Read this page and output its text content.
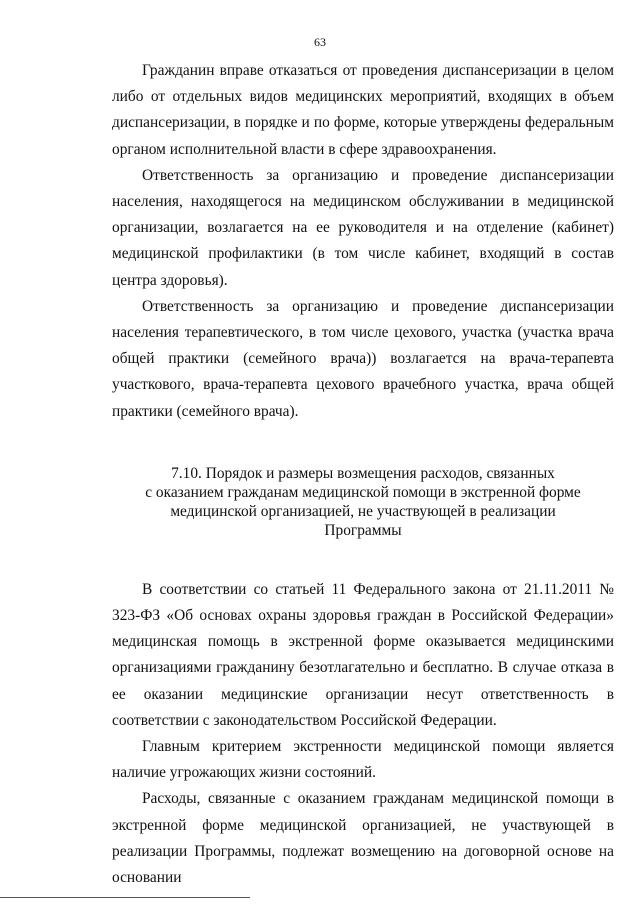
63

Гражданин вправе отказаться от проведения диспансеризации в целом либо от отдельных видов медицинских мероприятий, входящих в объем диспансеризации, в порядке и по форме, которые утверждены федеральным органом исполнительной власти в сфере здравоохранения.

Ответственность за организацию и проведение диспансеризации населения, находящегося на медицинском обслуживании в медицинской организации, возлагается на ее руководителя и на отделение (кабинет) медицинской профилактики (в том числе кабинет, входящий в состав центра здоровья).

Ответственность за организацию и проведение диспансеризации населения терапевтического, в том числе цехового, участка (участка врача общей практики (семейного врача)) возлагается на врача-терапевта участкового, врача-терапевта цехового врачебного участка, врача общей практики (семейного врача).

7.10. Порядок и размеры возмещения расходов, связанных
с оказанием гражданам медицинской помощи в экстренной форме
медицинской организацией, не участвующей в реализации
Программы

В соответствии со статьей 11 Федерального закона от 21.11.2011 № 323-ФЗ «Об основах охраны здоровья граждан в Российской Федерации» медицинская помощь в экстренной форме оказывается медицинскими организациями гражданину безотлагательно и бесплатно. В случае отказа в ее оказании медицинские организации несут ответственность в соответствии с законодательством Российской Федерации.

Главным критерием экстренности медицинской помощи является наличие угрожающих жизни состояний.

Расходы, связанные с оказанием гражданам медицинской помощи в экстренной форме медицинской организацией, не участвующей в реализации Программы, подлежат возмещению на договорной основе на основании
